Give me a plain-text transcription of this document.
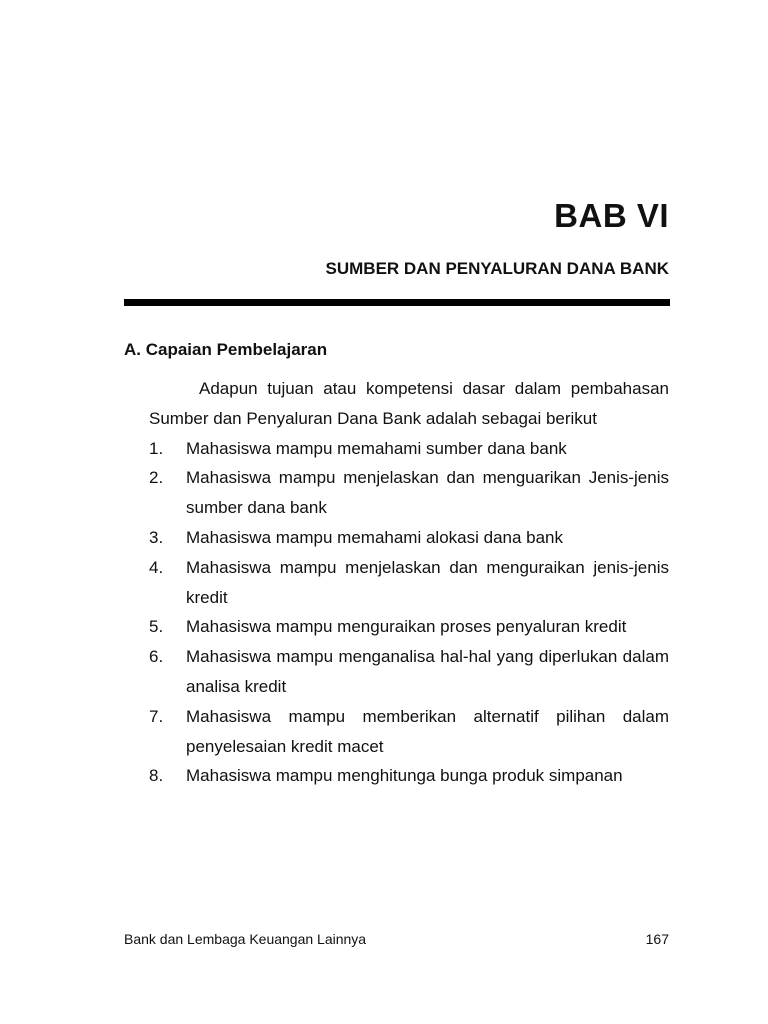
BAB VI
SUMBER DAN PENYALURAN DANA BANK
A. Capaian Pembelajaran

Adapun tujuan atau kompetensi dasar dalam pembahasan Sumber dan Penyaluran Dana Bank adalah sebagai berikut

1. Mahasiswa mampu memahami sumber dana bank
2. Mahasiswa mampu menjelaskan dan menguarikan Jenis-jenis sumber dana bank
3. Mahasiswa mampu memahami alokasi dana bank
4. Mahasiswa mampu menjelaskan dan menguraikan jenis-jenis kredit
5. Mahasiswa mampu menguraikan proses penyaluran kredit
6. Mahasiswa mampu menganalisa hal-hal yang diperlukan dalam analisa kredit
7. Mahasiswa mampu memberikan alternatif pilihan dalam penyelesaian kredit macet
8. Mahasiswa mampu menghitunga bunga produk simpanan
Bank dan Lembaga Keuangan Lainnya	167
